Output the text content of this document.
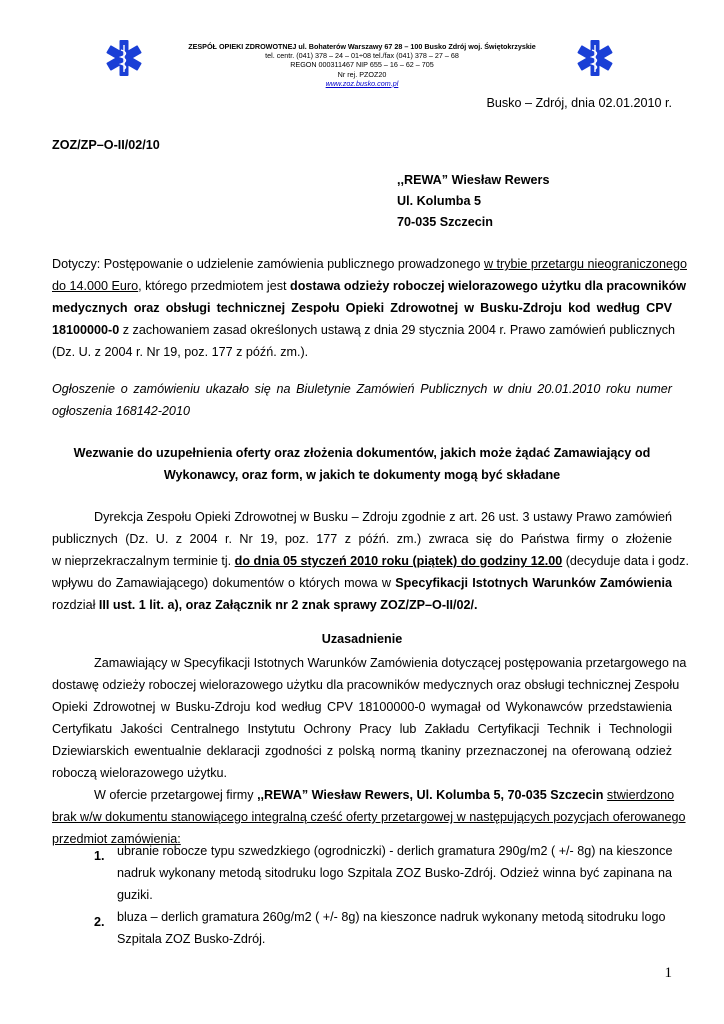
ZESPÓŁ OPIEKI ZDROWOTNEJ ul. Bohaterów Warszawy 67 28 – 100 Busko Zdrój woj. Świętokrzyskie
tel. centr. (041) 378 – 24 – 01÷08 tel./fax (041) 378 – 27 – 68
REGON 000311467 NIP 655 – 16 – 62 – 705
Nr rej. PZOZ20
www.zoz.busko.com.pl
Busko – Zdrój, dnia 02.01.2010 r.
ZOZ/ZP–O-II/02/10
,,REWA” Wiesław Rewers
Ul. Kolumba 5
70-035 Szczecin
Dotyczy: Postępowanie o udzielenie zamówienia publicznego prowadzonego w trybie przetargu nieograniczonego
do 14.000 Euro, którego przedmiotem jest dostawa odzieży roboczej wielorazowego użytku dla pracowników
medycznych oraz obsługi technicznej Zespołu Opieki Zdrowotnej w Busku-Zdroju kod według CPV
18100000-0 z zachowaniem zasad określonych ustawą z dnia 29 stycznia 2004 r. Prawo zamówień publicznych
(Dz. U. z 2004 r. Nr 19, poz. 177 z późń. zm.).
Ogłoszenie o zamówieniu ukazało się na Biuletynie Zamówień Publicznych w dniu 20.01.2010 roku numer
ogłoszenia 168142-2010
Wezwanie do uzupełnienia oferty oraz złożenia dokumentów, jakich może żądać Zamawiający od
Wykonawcy, oraz form, w jakich te dokumenty mogą być składane
Dyrekcja Zespołu Opieki Zdrowotnej w Busku – Zdroju zgodnie z art. 26 ust. 3 ustawy Prawo zamówień
publicznych (Dz. U. z 2004 r. Nr 19, poz. 177 z późń. zm.) zwraca się do Państwa firmy o złożenie
w nieprzekraczalnym terminie tj. do dnia 05 styczeń 2010 roku (piątek) do godziny 12.00 (decyduje data i godz.
wpływu do Zamawiającego) dokumentów o których mowa w Specyfikacji Istotnych Warunków Zamówienia
rozdział III ust. 1 lit. a), oraz Załącznik nr 2 znak sprawy ZOZ/ZP–O-II/02/.
Uzasadnienie
Zamawiający w Specyfikacji Istotnych Warunków Zamówienia dotyczącej postępowania przetargowego na
dostawę odzieży roboczej wielorazowego użytku dla pracowników medycznych oraz obsługi technicznej Zespołu
Opieki Zdrowotnej w Busku-Zdroju kod według CPV 18100000-0 wymagał od Wykonawców przedstawienia
Certyfikatu Jakości Centralnego Instytutu Ochrony Pracy lub Zakładu Certyfikacji Technik i Technologii
Dziewiarskich ewentualnie deklaracji zgodności z polską normą tkaniny przeznaczonej na oferowaną odzież
roboczą wielorazowego użytku.
W ofercie przetargowej firmy ,,REWA” Wiesław Rewers, Ul. Kolumba 5, 70-035 Szczecin stwierdzono
brak w/w dokumentu stanowiącego integralną cześć oferty przetargowej w następujących pozycjach oferowanego
przedmiot zamówienia:
1. ubranie robocze typu szwedzkiego (ogrodniczki) - derlich gramatura 290g/m2 ( +/- 8g) na kieszonce
nadruk wykonany metodą sitodruku logo Szpitala ZOZ Busko-Zdrój. Odzież winna być zapinana na
guziki.
2. bluza – derlich gramatura 260g/m2 ( +/- 8g) na kieszonce nadruk wykonany metodą sitodruku logo
Szpitala ZOZ Busko-Zdrój.
1
